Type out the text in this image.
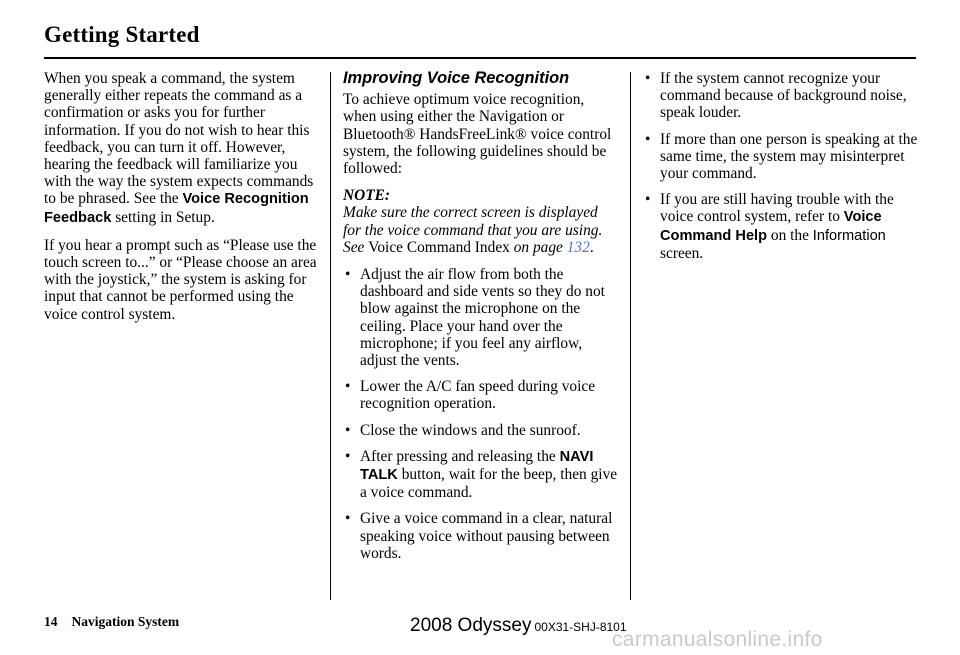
Getting Started

When you speak a command, the system generally either repeats the command as a confirmation or asks you for further information. If you do not wish to hear this feedback, you can turn it off. However, hearing the feedback will familiarize you with the way the system expects commands to be phrased. See the Voice Recognition Feedback setting in Setup.

If you hear a prompt such as “Please use the touch screen to...” or “Please choose an area with the joystick,” the system is asking for input that cannot be performed using the voice control system.

Improving Voice Recognition

To achieve optimum voice recognition, when using either the Navigation or Bluetooth® HandsFreeLink® voice control system, the following guidelines should be followed:

NOTE:

Make sure the correct screen is displayed for the voice command that you are using. See Voice Command Index on page 132.

• Adjust the air flow from both the dashboard and side vents so they do not blow against the microphone on the ceiling. Place your hand over the microphone; if you feel any airflow, adjust the vents.
• Lower the A/C fan speed during voice recognition operation.
• Close the windows and the sunroof.
• After pressing and releasing the NAVI TALK button, wait for the beep, then give a voice command.
• Give a voice command in a clear, natural speaking voice without pausing between words.
• If the system cannot recognize your command because of background noise, speak louder.
• If more than one person is speaking at the same time, the system may misinterpret your command.
• If you are still having trouble with the voice control system, refer to Voice Command Help on the Information screen.
14 Navigation System	2008 Odyssey 00X31-SHJ-8101
carmanualsonline.info
